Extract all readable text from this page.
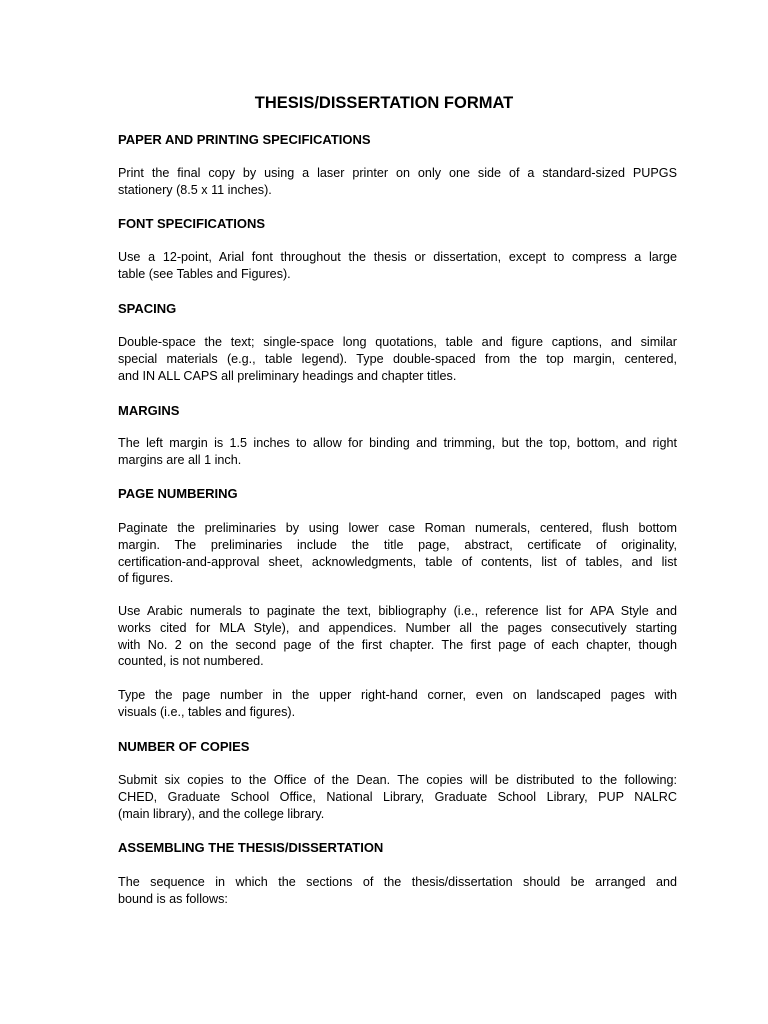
THESIS/DISSERTATION FORMAT
PAPER AND PRINTING SPECIFICATIONS

Print the final copy by using a laser printer on only one side of a standard-sized PUPGS
stationery (8.5 x 11 inches).

FONT SPECIFICATIONS

Use a 12-point, Arial font throughout the thesis or dissertation, except to compress a large
table (see Tables and Figures).

SPACING

Double-space the text; single-space long quotations, table and figure captions, and similar
special materials (e.g., table legend). Type double-spaced from the top margin, centered,
and IN ALL CAPS all preliminary headings and chapter titles.

MARGINS

The left margin is 1.5 inches to allow for binding and trimming, but the top, bottom, and right
margins are all 1 inch.

PAGE NUMBERING

Paginate the preliminaries by using lower case Roman numerals, centered, flush bottom
margin. The preliminaries include the title page, abstract, certificate of originality,
certification-and-approval sheet, acknowledgments, table of contents, list of tables, and list
of figures.

Use Arabic numerals to paginate the text, bibliography (i.e., reference list for APA Style and
works cited for MLA Style), and appendices. Number all the pages consecutively starting
with No. 2 on the second page of the first chapter. The first page of each chapter, though
counted, is not numbered.

Type the page number in the upper right-hand corner, even on landscaped pages with
visuals (i.e., tables and figures).

NUMBER OF COPIES

Submit six copies to the Office of the Dean. The copies will be distributed to the following:
CHED, Graduate School Office, National Library, Graduate School Library, PUP NALRC
(main library), and the college library.

ASSEMBLING THE THESIS/DISSERTATION

The sequence in which the sections of the thesis/dissertation should be arranged and
bound is as follows:
